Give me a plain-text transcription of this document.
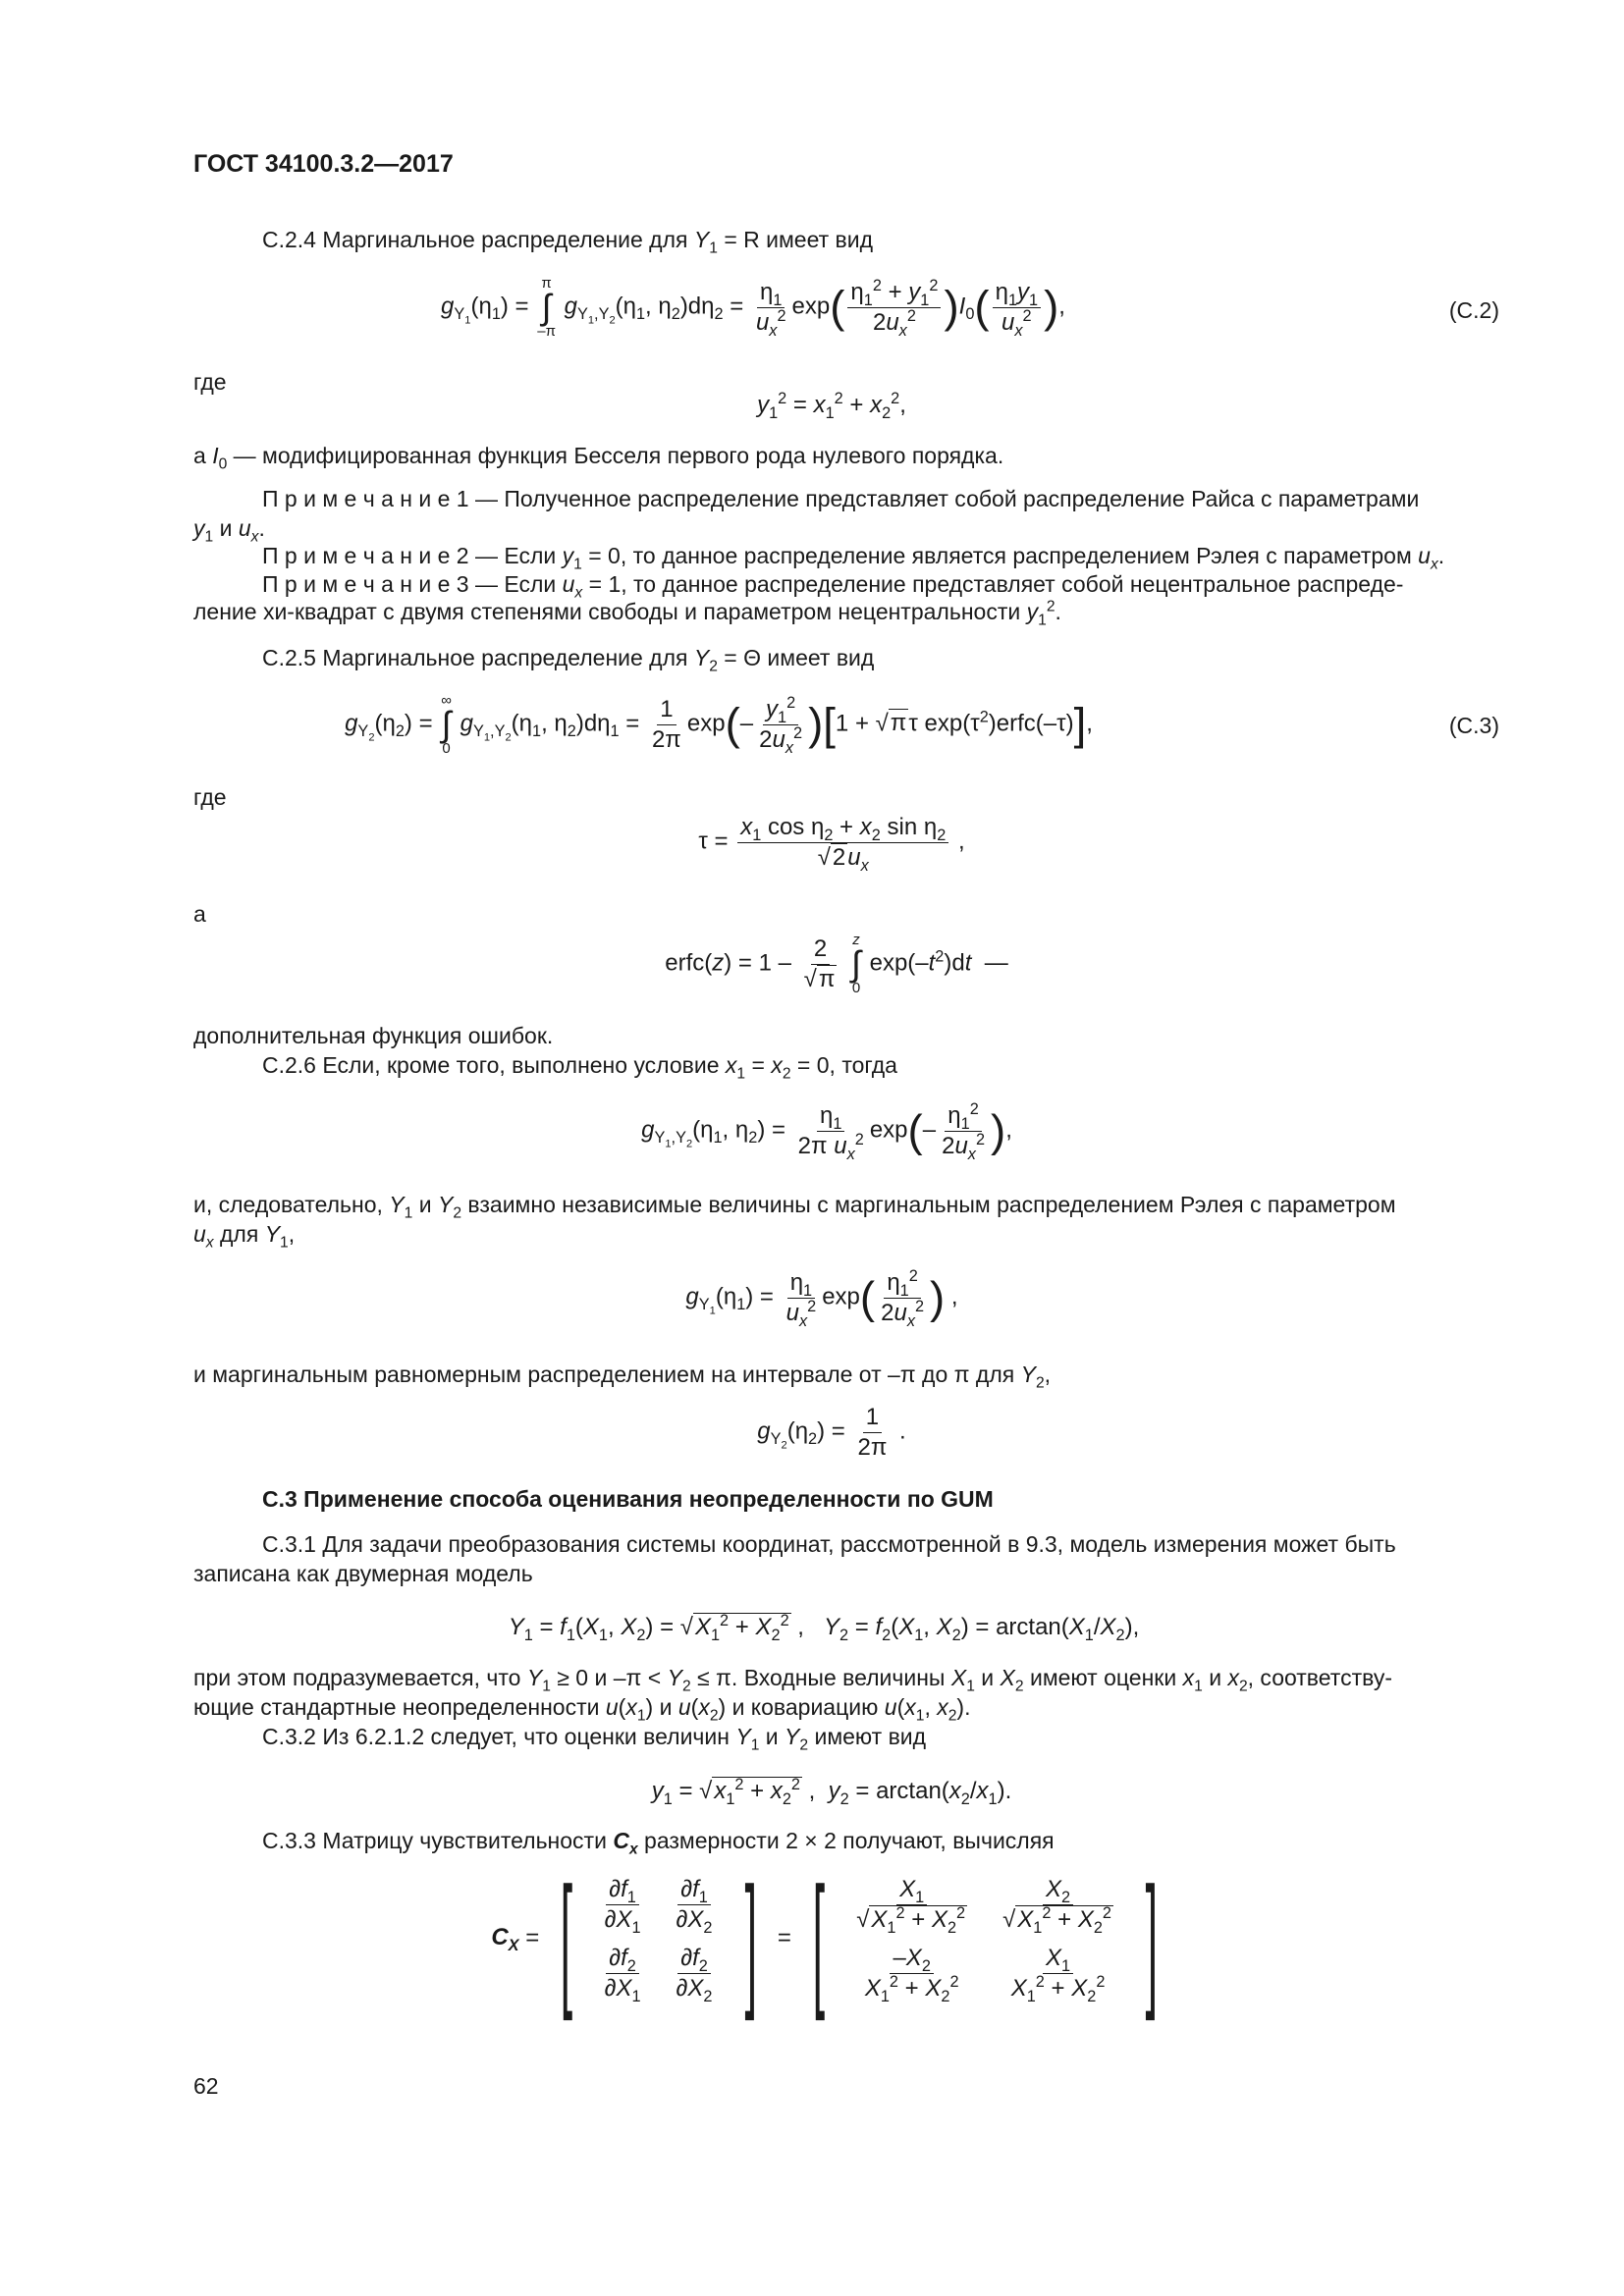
ГОСТ 34100.3.2—2017
С.2.4 Маргинальное распределение для $Y_1 = R$ имеет вид
$g_{Y_1}(\eta_1)$ =
π
∫
–π
$g_{Y_1,Y_2}(\eta_1$, $\eta_2)d\eta_2 = \frac{\eta_1}{u_x^2} \exp( \frac{\eta_1^2 + y_1^2}{2u_x^2} )I_0( \frac{\eta_1y_1}{u_x^2}$ ),	(C.2)
где
$y_1^2 = x_1^2 + x_2^2$,
а $I_0$ — модифицированная функция Бесселя первого рода нулевого порядка.
П р и м е ч а н и е 1 — Полученное распределение представляет собой распределение Райса с параметрами
$y_1$ и $u_x$.
П р и м е ч а н и е 2 — Если $y_1 = 0$, то данное распределение является распределением Рэлея с параметром $u_x$.
П р и м е ч а н и е 3 — Если $u_x = 1$, то данное распределение представляет собой нецентральное распреде-
ление хи-квадрат с двумя степенями свободы и параметром нецентральности $y_1^2$.
С.2.5 Маргинальное распределение для $Y_2 = \Theta$ имеет вид
$g_{Y_2}(\eta_2)$ =
∞
∫
0
$g_{Y_1,Y_2}(\eta_1$, $\eta_2)d\eta_1 = \frac{1}{2\pi} \exp(- \frac{y_1^2}{2u_x^2} )[1 + √\pi\tau$ $\exp(\tau^2)erfc(-\tau)$],	(C.3)
где
$\tau = \frac{x_1 \cos \eta_2 + x_2 \sin \eta_2}{√2u_x}$ ,
а
erfc(z) = $1 - \frac{2}{√\pi}$
z
∫
0
$\exp(-t^2)dt$  —
дополнительная функция ошибок.
С.2.6 Если, кроме того, выполнено условие $x_1 = x_2 = 0$, тогда
$g_{Y_1,Y_2}(\eta_1$, $\eta_2) = \frac{\eta_1}{2\pi u_x^2} \exp(- \frac{\eta_1^2}{2u_x^2}$ ),
и, следовательно, $Y_1$ и $Y_2$ взаимно независимые величины с маргинальным распределением Рэлея с параметром
$u_x$ для $Y_1$,
$g_{Y_1}(\eta_1) = \frac{\eta_1}{u_x^2} \exp( \frac{\eta_1^2}{2u_x^2}$ ) ,
и маргинальным равномерным распределением на интервале от –π до π для $Y_2$,
$g_{Y_2}(\eta_2) = \frac{1}{2\pi}$ .
С.3 Применение способа оценивания неопределенности по GUM
С.3.1 Для задачи преобразования системы координат, рассмотренной в 9.3, модель измерения может быть
записана как двумерная модель
$Y_1 = f_1(X_1$, $X_2) = √X_1^2 + X_2^2$ ,   $Y_2 = f_2(X_1$, $X_2) = \arctan(X_1/X_2)$,
при этом подразумевается, что $Y_1 \ge 0$ и $-\pi < Y_2 \le \pi$. Входные величины $X_1$ и $X_2$ имеют оценки $x_1$ и $x_2$, соответству-
ющие стандартные неопределенности $u(x_1)$ и $u(x_2)$ и ковариацию $u(x_1$, $x_2$).
С.3.2 Из 6.2.1.2 следует, что оценки величин $Y_1$ и $Y_2$ имеют вид
$y_1 = √x_1^2 + x_2^2$ ,  $y_2 = \arctan(x_2/x_1)$.
С.3.3 Матрицу чувствительности $C_x$ размерности 2 × 2 получают, вычисляя
$C_X$ = [ $\frac{\partial f_1}{\partial X_1}$	$\frac{\partial f_1}{\partial X_2}$

$\frac{\partial f_2}{\partial X_1}$	$\frac{\partial f_2}{\partial X_2}$ ] = [ $\frac{X_1}{√X_1^2 + X_2^2}$	$\frac{X_2}{√X_1^2 + X_2^2}$

$\frac{-X_2}{X_1^2 + X_2^2}$	$\frac{X_1}{X_1^2 + X_2^2}$ ]
62
